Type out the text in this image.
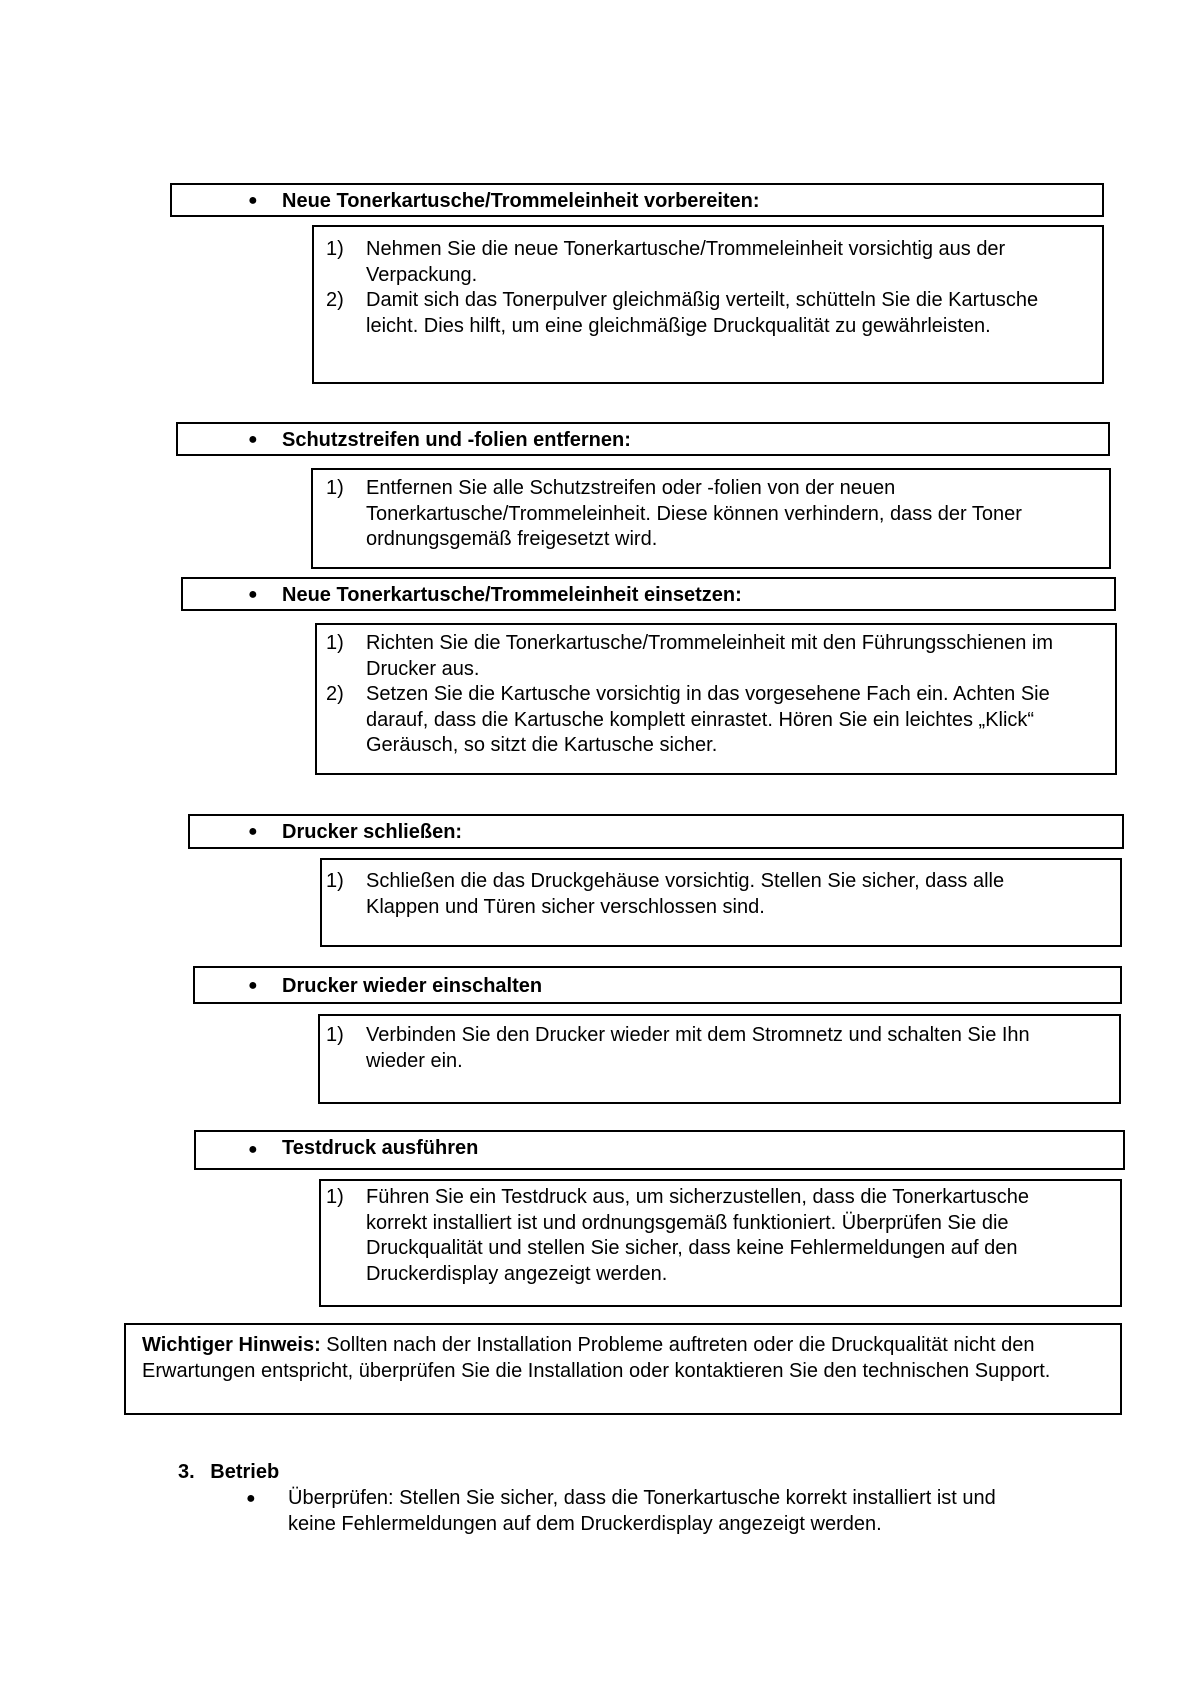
● Neue Tonerkartusche/Trommeleinheit vorbereiten:
1) Nehmen Sie die neue Tonerkartusche/Trommeleinheit vorsichtig aus der Verpackung.
2) Damit sich das Tonerpulver gleichmäßig verteilt, schütteln Sie die Kartusche leicht. Dies hilft, um eine gleichmäßige Druckqualität zu gewährleisten.
● Schutzstreifen und -folien entfernen:
1) Entfernen Sie alle Schutzstreifen oder -folien von der neuen Tonerkartusche/Trommeleinheit. Diese können verhindern, dass der Toner ordnungsgemäß freigesetzt wird.
● Neue Tonerkartusche/Trommeleinheit einsetzen:
1) Richten Sie die Tonerkartusche/Trommeleinheit mit den Führungsschienen im Drucker aus.
2) Setzen Sie die Kartusche vorsichtig in das vorgesehene Fach ein. Achten Sie darauf, dass die Kartusche komplett einrastet. Hören Sie ein leichtes „Klick“ Geräusch, so sitzt die Kartusche sicher.
● Drucker schließen:
1) Schließen die das Druckgehäuse vorsichtig. Stellen Sie sicher, dass alle Klappen und Türen sicher verschlossen sind.
● Drucker wieder einschalten
1) Verbinden Sie den Drucker wieder mit dem Stromnetz und schalten Sie Ihn wieder ein.
● Testdruck ausführen
1) Führen Sie ein Testdruck aus, um sicherzustellen, dass die Tonerkartusche korrekt installiert ist und ordnungsgemäß funktioniert. Überprüfen Sie die Druckqualität und stellen Sie sicher, dass keine Fehlermeldungen auf den Druckerdisplay angezeigt werden.
Wichtiger Hinweis: Sollten nach der Installation Probleme auftreten oder die Druckqualität nicht den Erwartungen entspricht, überprüfen Sie die Installation oder kontaktieren Sie den technischen Support.
3. Betrieb
● Überprüfen: Stellen Sie sicher, dass die Tonerkartusche korrekt installiert ist und keine Fehlermeldungen auf dem Druckerdisplay angezeigt werden.
